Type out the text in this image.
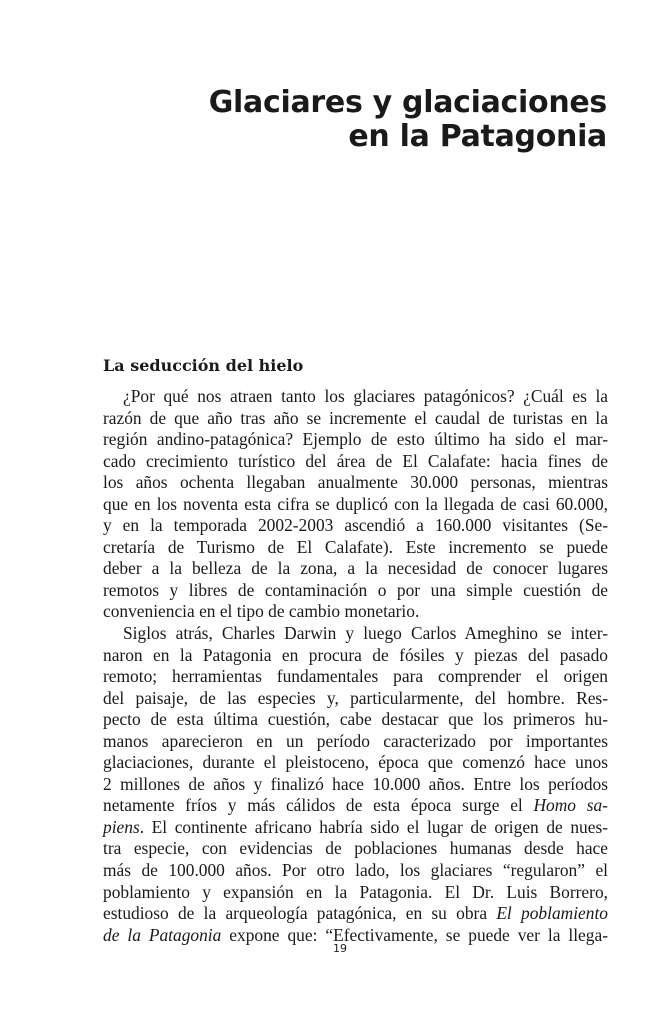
Glaciares y glaciaciones
en la Patagonia
La seducción del hielo
¿Por qué nos atraen tanto los glaciares patagónicos? ¿Cuál es la
razón de que año tras año se incremente el caudal de turistas en la
región andino-patagónica? Ejemplo de esto último ha sido el mar-
cado crecimiento turístico del área de El Calafate: hacia fines de
los años ochenta llegaban anualmente 30.000 personas, mientras
que en los noventa esta cifra se duplicó con la llegada de casi 60.000,
y en la temporada 2002-2003 ascendió a 160.000 visitantes (Se-
cretaría de Turismo de El Calafate). Este incremento se puede
deber a la belleza de la zona, a la necesidad de conocer lugares
remotos y libres de contaminación o por una simple cuestión de
conveniencia en el tipo de cambio monetario.
Siglos atrás, Charles Darwin y luego Carlos Ameghino se inter-
naron en la Patagonia en procura de fósiles y piezas del pasado
remoto; herramientas fundamentales para comprender el origen
del paisaje, de las especies y, particularmente, del hombre. Res-
pecto de esta última cuestión, cabe destacar que los primeros hu-
manos aparecieron en un período caracterizado por importantes
glaciaciones, durante el pleistoceno, época que comenzó hace unos
2 millones de años y finalizó hace 10.000 años. Entre los períodos
netamente fríos y más cálidos de esta época surge el Homo sa-
piens. El continente africano habría sido el lugar de origen de nues-
tra especie, con evidencias de poblaciones humanas desde hace
más de 100.000 años. Por otro lado, los glaciares “regularon” el
poblamiento y expansión en la Patagonia. El Dr. Luis Borrero,
estudioso de la arqueología patagónica, en su obra El poblamiento
de la Patagonia expone que: “Efectivamente, se puede ver la llega-

19
